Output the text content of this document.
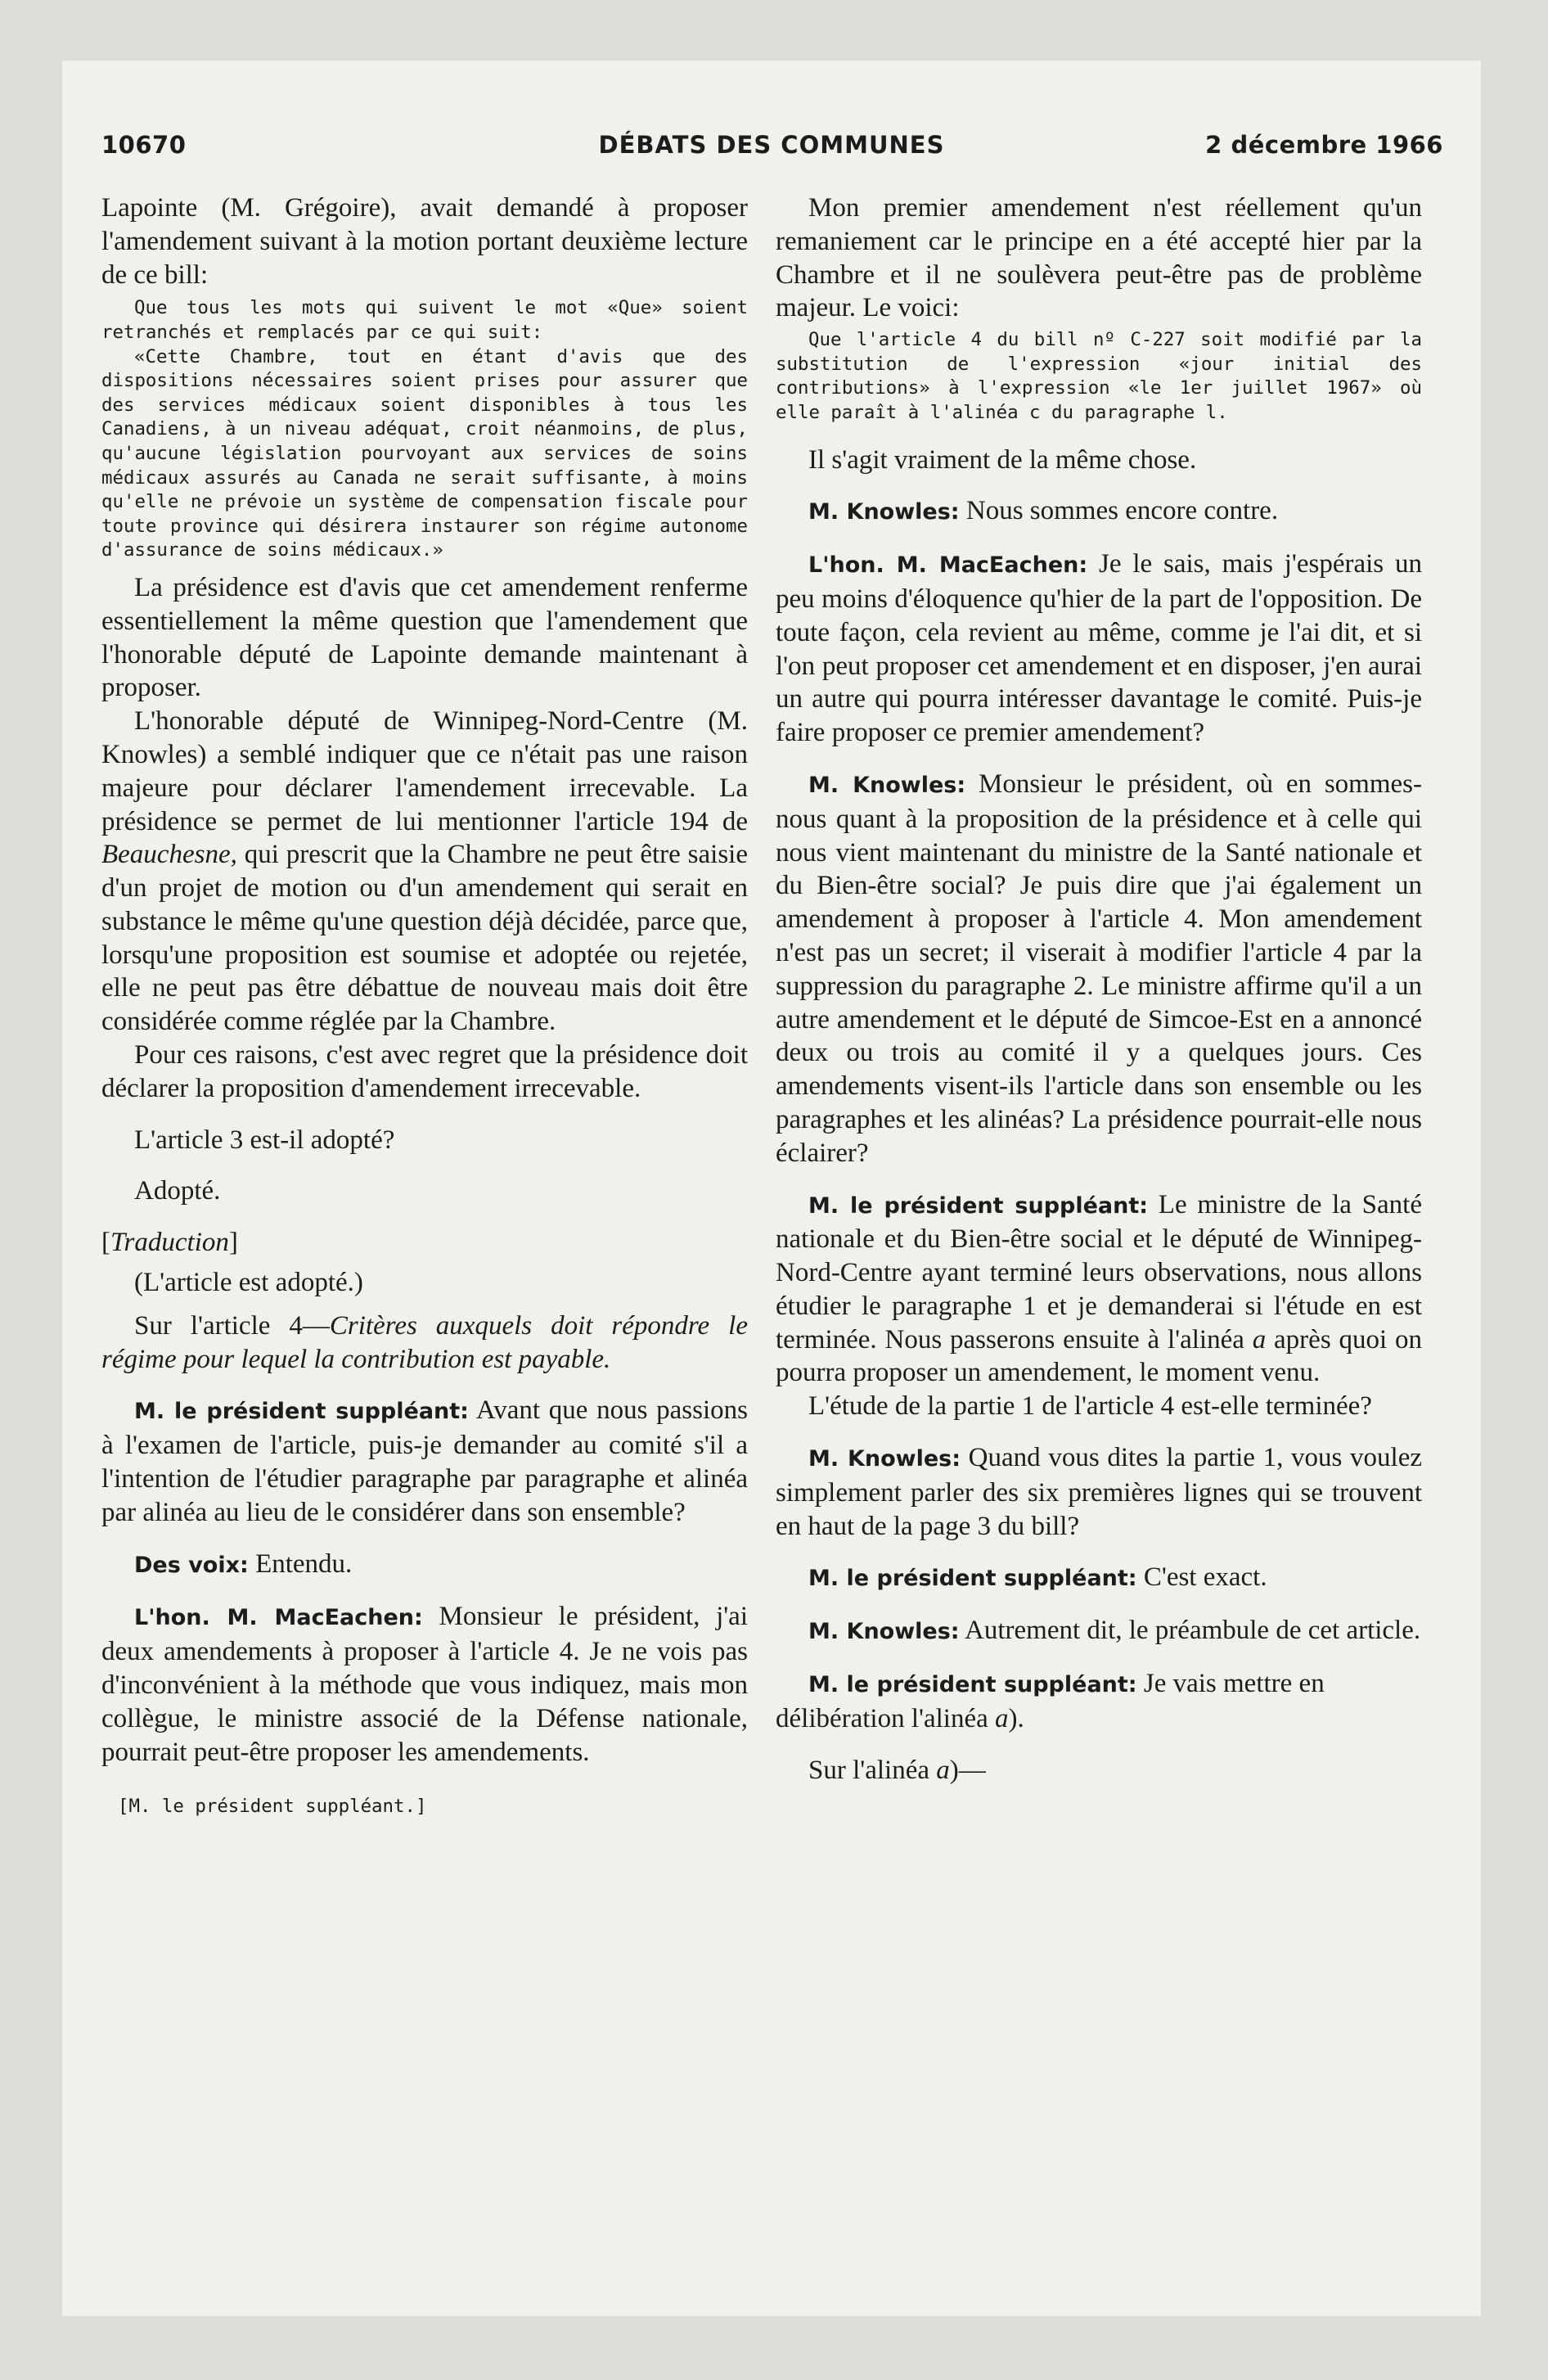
10670	DÉBATS DES COMMUNES	2 décembre 1966

Lapointe (M. Grégoire), avait demandé à proposer l'amendement suivant à la motion portant deuxième lecture de ce bill:

Que tous les mots qui suivent le mot «Que» soient retranchés et remplacés par ce qui suit:

«Cette Chambre, tout en étant d'avis que des dispositions nécessaires soient prises pour assurer que des services médicaux soient disponibles à tous les Canadiens, à un niveau adéquat, croit néanmoins, de plus, qu'aucune législation pourvoyant aux services de soins médicaux assurés au Canada ne serait suffisante, à moins qu'elle ne prévoie un système de compensation fiscale pour toute province qui désirera instaurer son régime autonome d'assurance de soins médicaux.»

La présidence est d'avis que cet amendement renferme essentiellement la même question que l'amendement que l'honorable député de Lapointe demande maintenant à proposer.

L'honorable député de Winnipeg-Nord-Centre (M. Knowles) a semblé indiquer que ce n'était pas une raison majeure pour déclarer l'amendement irrecevable. La présidence se permet de lui mentionner l'article 194 de Beauchesne, qui prescrit que la Chambre ne peut être saisie d'un projet de motion ou d'un amendement qui serait en substance le même qu'une question déjà décidée, parce que, lorsqu'une proposition est soumise et adoptée ou rejetée, elle ne peut pas être débattue de nouveau mais doit être considérée comme réglée par la Chambre.

Pour ces raisons, c'est avec regret que la présidence doit déclarer la proposition d'amendement irrecevable.

L'article 3 est-il adopté?

Adopté.

[Traduction]

(L'article est adopté.)

Sur l'article 4—Critères auxquels doit répondre le régime pour lequel la contribution est payable.

M. le président suppléant: Avant que nous passions à l'examen de l'article, puis-je demander au comité s'il a l'intention de l'étudier paragraphe par paragraphe et alinéa par alinéa au lieu de le considérer dans son ensemble?

Des voix: Entendu.

L'hon. M. MacEachen: Monsieur le président, j'ai deux amendements à proposer à l'article 4. Je ne vois pas d'inconvénient à la méthode que vous indiquez, mais mon collègue, le ministre associé de la Défense nationale, pourrait peut-être proposer les amendements.

[M. le président suppléant.]

Mon premier amendement n'est réellement qu'un remaniement car le principe en a été accepté hier par la Chambre et il ne soulèvera peut-être pas de problème majeur. Le voici:

Que l'article 4 du bill nº C-227 soit modifié par la substitution de l'expression «jour initial des contributions» à l'expression «le 1er juillet 1967» où elle paraît à l'alinéa c du paragraphe l.

Il s'agit vraiment de la même chose.

M. Knowles: Nous sommes encore contre.

L'hon. M. MacEachen: Je le sais, mais j'espérais un peu moins d'éloquence qu'hier de la part de l'opposition. De toute façon, cela revient au même, comme je l'ai dit, et si l'on peut proposer cet amendement et en disposer, j'en aurai un autre qui pourra intéresser davantage le comité. Puis-je faire proposer ce premier amendement?

M. Knowles: Monsieur le président, où en sommes-nous quant à la proposition de la présidence et à celle qui nous vient maintenant du ministre de la Santé nationale et du Bien-être social? Je puis dire que j'ai également un amendement à proposer à l'article 4. Mon amendement n'est pas un secret; il viserait à modifier l'article 4 par la suppression du paragraphe 2. Le ministre affirme qu'il a un autre amendement et le député de Simcoe-Est en a annoncé deux ou trois au comité il y a quelques jours. Ces amendements visent-ils l'article dans son ensemble ou les paragraphes et les alinéas? La présidence pourrait-elle nous éclairer?

M. le président suppléant: Le ministre de la Santé nationale et du Bien-être social et le député de Winnipeg-Nord-Centre ayant terminé leurs observations, nous allons étudier le paragraphe 1 et je demanderai si l'étude en est terminée. Nous passerons ensuite à l'alinéa a après quoi on pourra proposer un amendement, le moment venu.

L'étude de la partie 1 de l'article 4 est-elle terminée?

M. Knowles: Quand vous dites la partie 1, vous voulez simplement parler des six premières lignes qui se trouvent en haut de la page 3 du bill?

M. le président suppléant: C'est exact.

M. Knowles: Autrement dit, le préambule de cet article.

M. le président suppléant: Je vais mettre en délibération l'alinéa a).

Sur l'alinéa a)—
